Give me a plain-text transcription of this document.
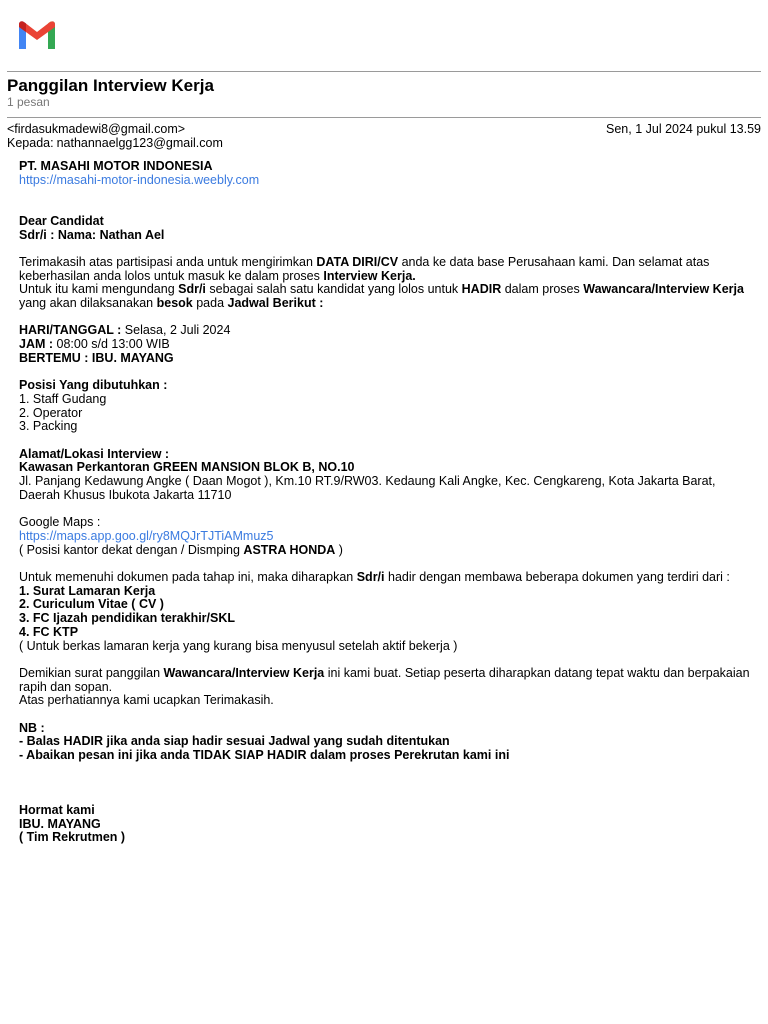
Panggilan Interview Kerja
1 pesan
<firdasukmadewi8@gmail.com>	Sen, 1 Jul 2024 pukul 13.59
Kepada: nathannaelgg123@gmail.com

PT. MASAHI MOTOR INDONESIA

https://masahi-motor-indonesia.weebly.com

Dear Candidat

Sdr/i : Nama: Nathan Ael

Terimakasih atas partisipasi anda untuk mengirimkan DATA DIRI/CV anda ke data base Perusahaan kami. Dan selamat atas keberhasilan anda lolos untuk masuk ke dalam proses Interview Kerja.

Untuk itu kami mengundang Sdr/i sebagai salah satu kandidat yang lolos untuk HADIR dalam proses Wawancara/Interview Kerja yang akan dilaksanakan besok pada Jadwal Berikut :

HARI/TANGGAL : Selasa, 2 Juli 2024

JAM : 08:00 s/d 13:00 WIB

BERTEMU : IBU. MAYANG

Posisi Yang dibutuhkan :

1. Staff Gudang

2. Operator

3. Packing

Alamat/Lokasi Interview :

Kawasan Perkantoran GREEN MANSION BLOK B, NO.10

Jl. Panjang Kedawung Angke ( Daan Mogot ), Km.10 RT.9/RW03. Kedaung Kali Angke, Kec. Cengkareng, Kota Jakarta Barat, Daerah Khusus Ibukota Jakarta 11710

Google Maps :

https://maps.app.goo.gl/ry8MQJrTJTiAMmuz5

( Posisi kantor dekat dengan / Dismping ASTRA HONDA )

Untuk memenuhi dokumen pada tahap ini, maka diharapkan Sdr/i hadir dengan membawa beberapa dokumen yang terdiri dari :

1. Surat Lamaran Kerja

2. Curiculum Vitae ( CV )

3. FC Ijazah pendidikan terakhir/SKL

4. FC KTP

( Untuk berkas lamaran kerja yang kurang bisa menyusul setelah aktif bekerja )

Demikian surat panggilan Wawancara/Interview Kerja ini kami buat. Setiap peserta diharapkan datang tepat waktu dan berpakaian rapih dan sopan.

Atas perhatiannya kami ucapkan Terimakasih.

NB :

- Balas HADIR jika anda siap hadir sesuai Jadwal yang sudah ditentukan

- Abaikan pesan ini jika anda TIDAK SIAP HADIR dalam proses Perekrutan kami ini

Hormat kami

IBU. MAYANG

( Tim Rekrutmen )
